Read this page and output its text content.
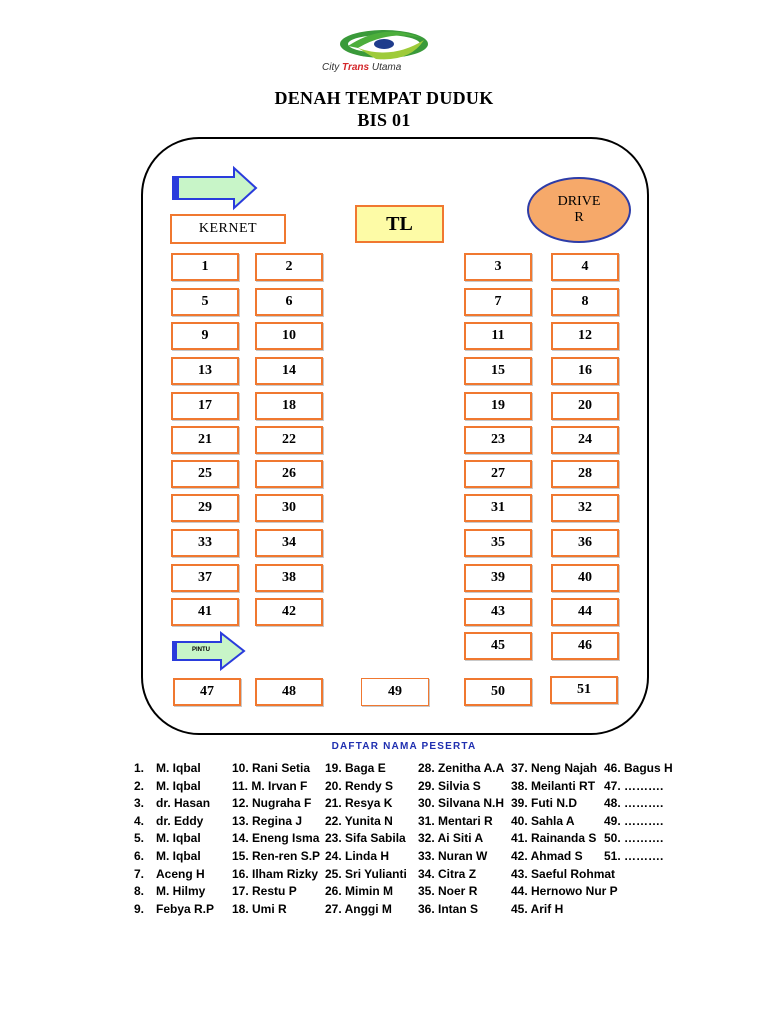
City Trans Utama
DENAH TEMPAT DUDUK
BIS 01
KERNET	TL
DRIVE R
1	2	3	4
5	6	7	8
9	10	11	12
13	14	15	16
17	18	19	20
21	22	23	24
25	26	27	28
29	30	31	32
33	34	35	36
37	38	39	40
41	42	43	44
45	46
47	48	49	50	51
PINTU
DAFTAR NAMA PESERTA
1. M. Iqbal
2. M. Iqbal
3. dr. Hasan
4. dr. Eddy
5. M. Iqbal
6. M. Iqbal
7. Aceng H
8. M. Hilmy
9. Febya R.P
10. Rani Setia
11. M. Irvan F
12. Nugraha F
13. Regina J
14. Eneng Isma
15. Ren-ren S.P
16. Ilham Rizky
17. Restu P
18. Umi R
19. Baga E
20. Rendy S
21. Resya K
22. Yunita N
23. Sifa Sabila
24. Linda H
25. Sri Yulianti
26. Mimin M
27. Anggi M
28. Zenitha A.A
29. Silvia S
30. Silvana N.H
31. Mentari R
32. Ai Siti A
33. Nuran W
34. Citra Z
35. Noer R
36. Intan S
37. Neng Najah
38. Meilanti RT
39. Futi N.D
40. Sahla A
41. Rainanda S
42. Ahmad S
43. Saeful Rohmat
44. Hernowo Nur P
45. Arif H
46. Bagus H
47. ……….
48. ……….
49. ……….
50. ……….
51. ……….
